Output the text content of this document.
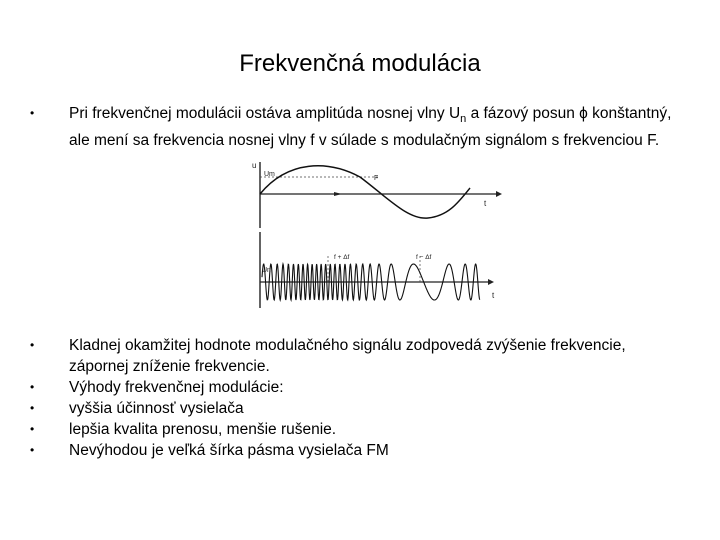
Frekvenčná modulácia
• Pri frekvenčnej modulácii ostáva amplitúda nosnej vlny $U_n$ a fázový posun ϕ konštantný, ale mení sa frekvencia nosnej vlny f v súlade s modulačným signálom s frekvenciou F.
u
Um
F
t
Un
f + Δf	f − Δf
t
• Kladnej okamžitej hodnote modulačného signálu zodpovedá zvýšenie frekvencie, zápornej zníženie frekvencie.
• Výhody frekvenčnej modulácie:
• vyššia účinnosť vysielača
• lepšia kvalita prenosu, menšie rušenie.
• Nevýhodou je veľká šírka pásma vysielača FM
